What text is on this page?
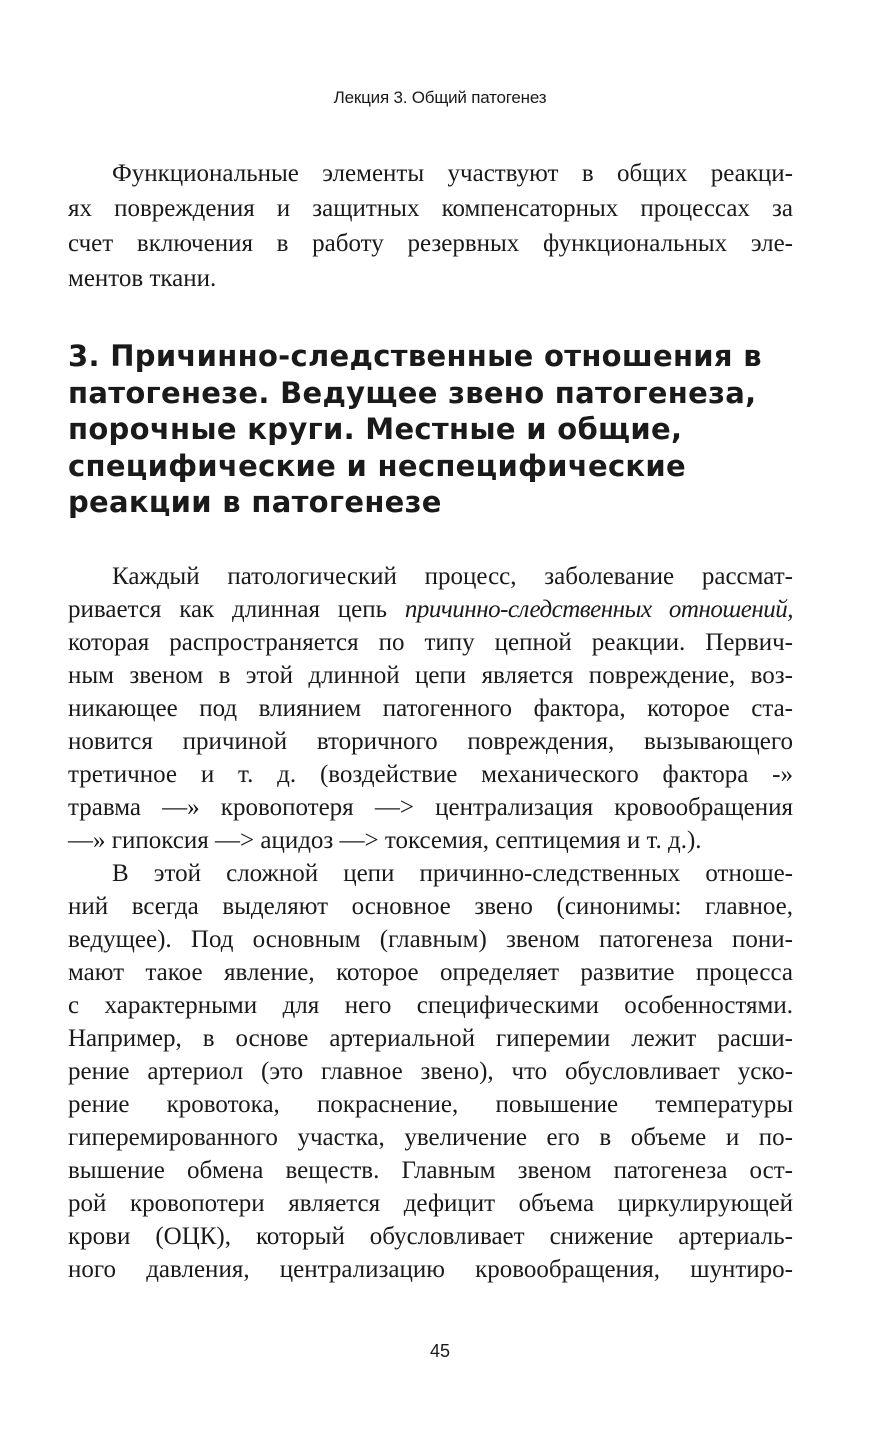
Лекция 3. Общий патогенез
Функциональные элементы участвуют в общих реакци-
ях повреждения и защитных компенсаторных процессах за
счет включения в работу резервных функциональных эле-
ментов ткани.
3. Причинно-следственные отношения в
патогенезе. Ведущее звено патогенеза,
порочные круги. Местные и общие,
специфические и неспецифические
реакции в патогенезе
Каждый патологический процесс, заболевание рассмат-
ривается как длинная цепь причинно-следственных отношений,
которая распространяется по типу цепной реакции. Первич-
ным звеном в этой длинной цепи является повреждение, воз-
никающее под влиянием патогенного фактора, которое ста-
новится причиной вторичного повреждения, вызывающего
третичное и т. д. (воздействие механического фактора -»
травма —» кровопотеря —> централизация кровообращения
—» гипоксия —> ацидоз —> токсемия, септицемия и т. д.).
В этой сложной цепи причинно-следственных отноше-
ний всегда выделяют основное звено (синонимы: главное,
ведущее). Под основным (главным) звеном патогенеза пони-
мают такое явление, которое определяет развитие процесса
с характерными для него специфическими особенностями.
Например, в основе артериальной гиперемии лежит расши-
рение артериол (это главное звено), что обусловливает уско-
рение кровотока, покраснение, повышение температуры
гиперемированного участка, увеличение его в объеме и по-
вышение обмена веществ. Главным звеном патогенеза ост-
рой кровопотери является дефицит объема циркулирующей
крови (ОЦК), который обусловливает снижение артериаль-
ного давления, централизацию кровообращения, шунтиро-
45
